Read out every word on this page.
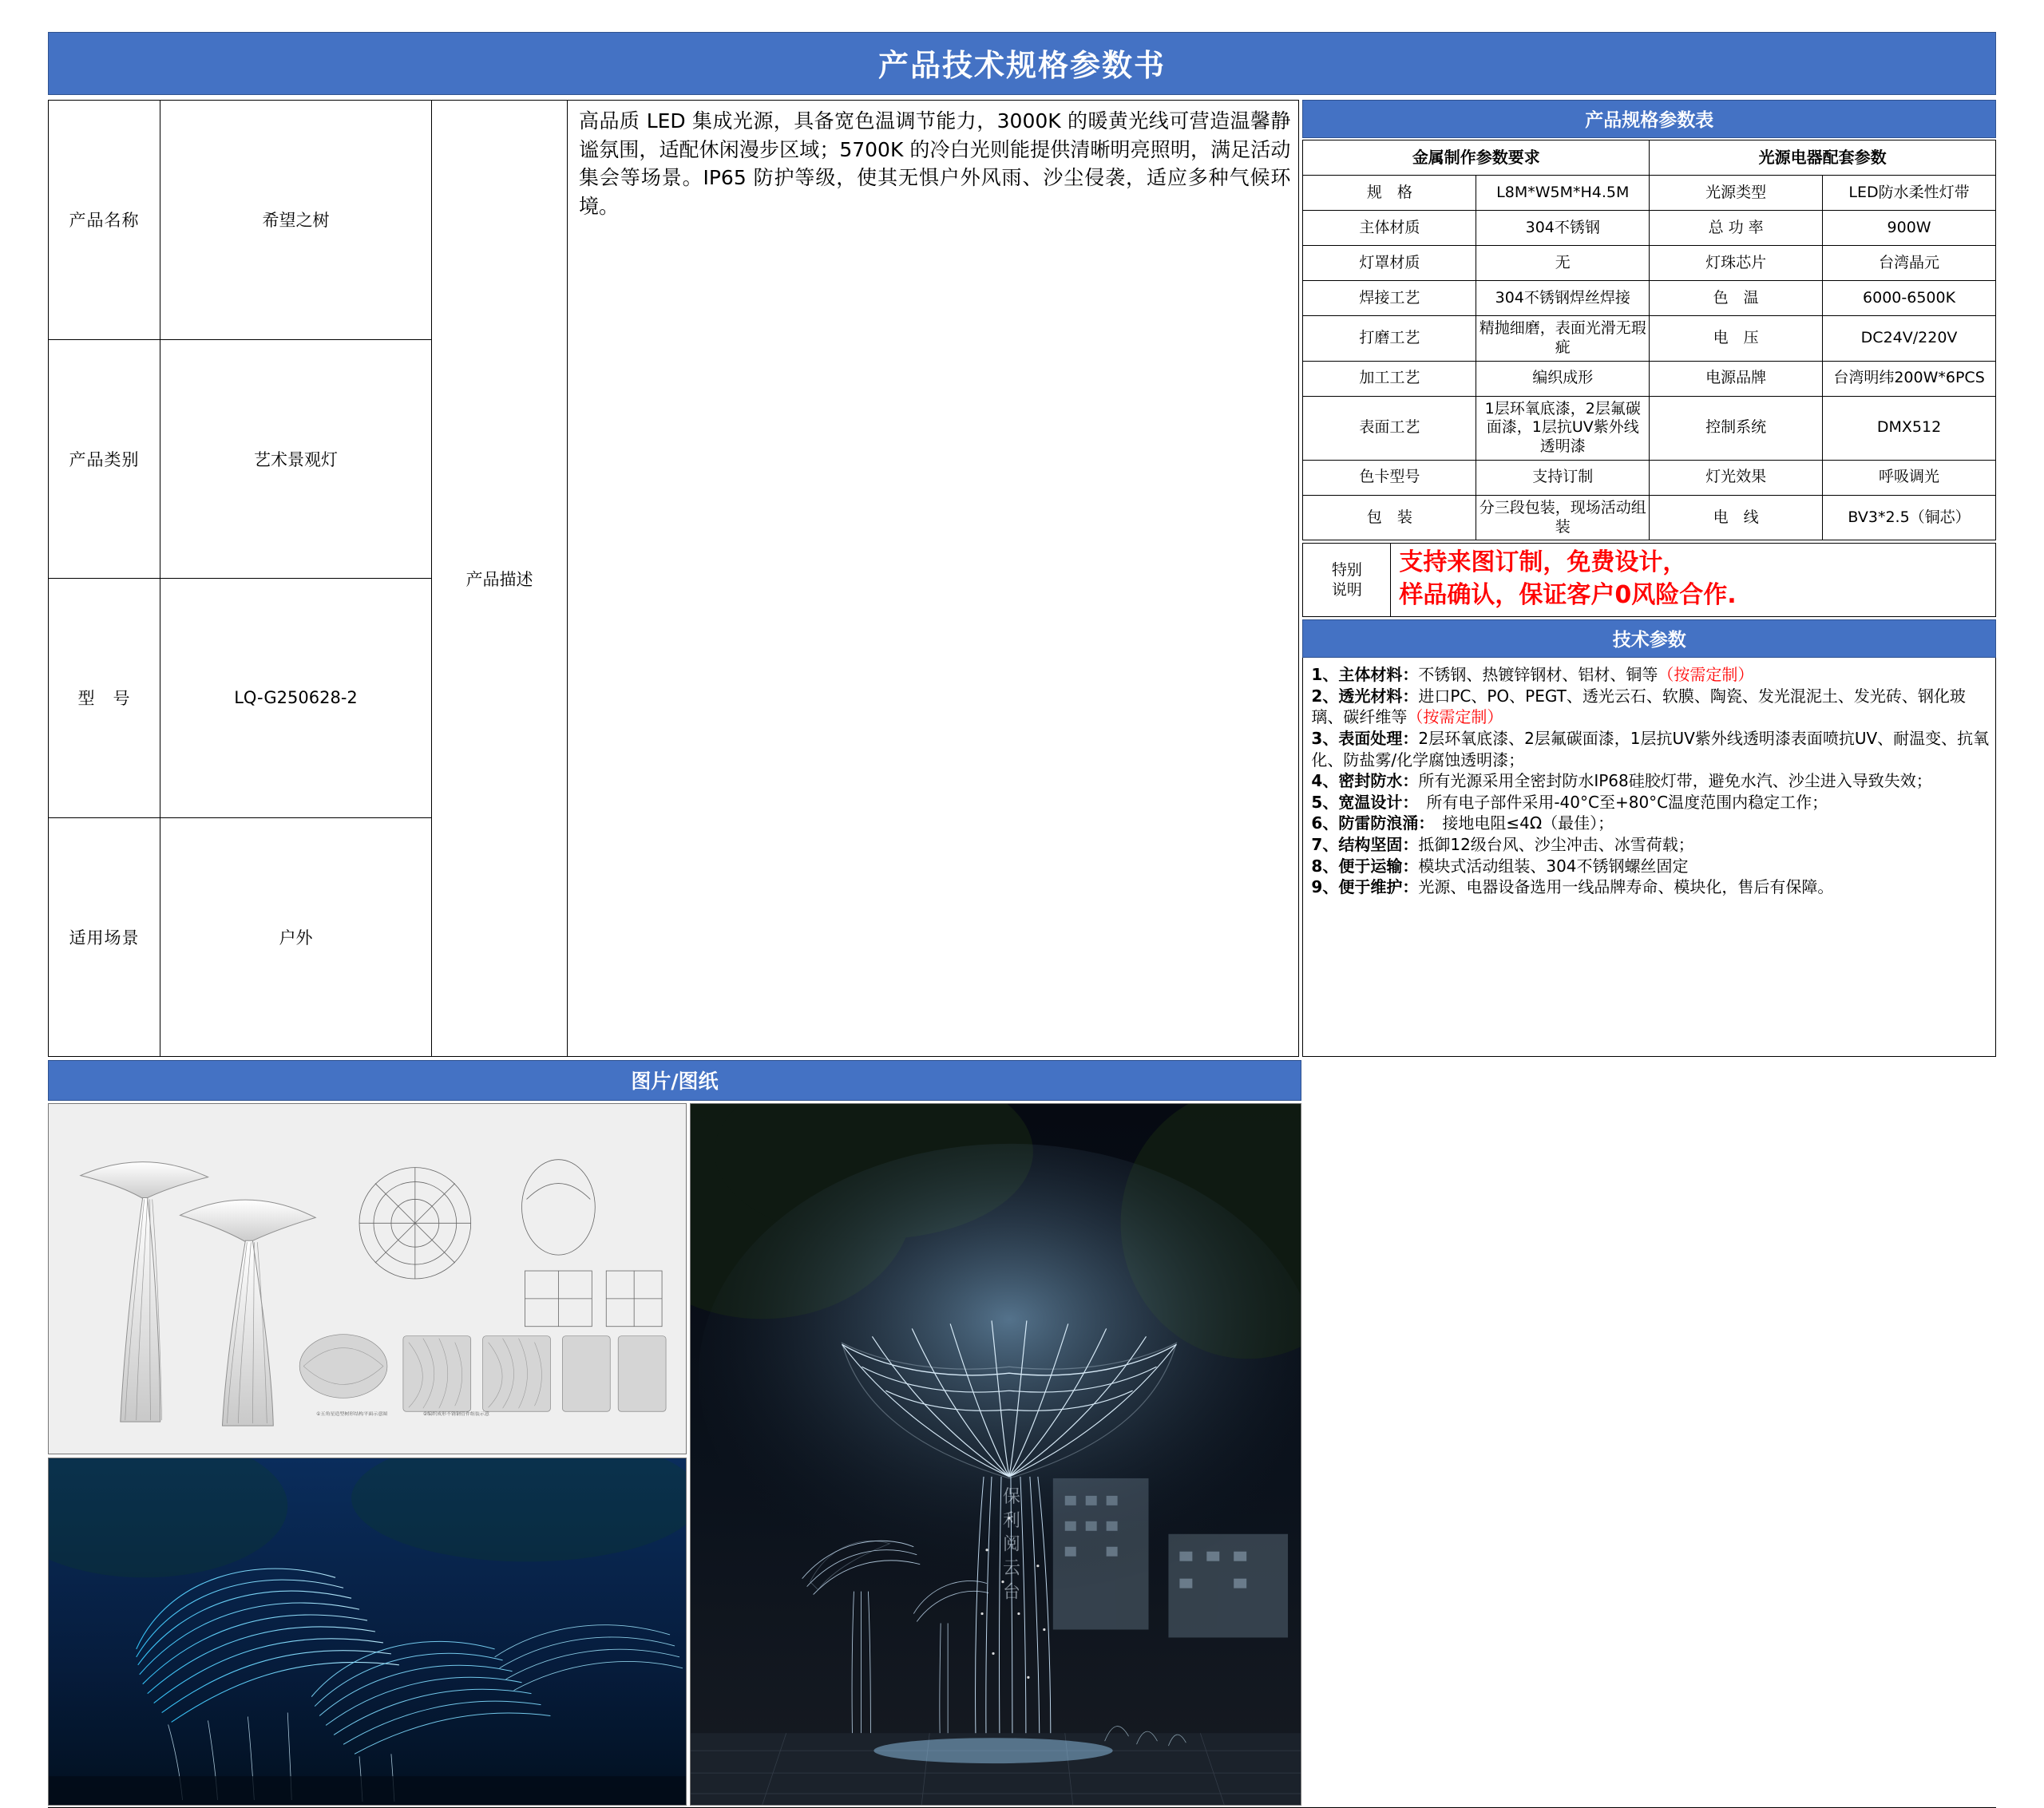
产品技术规格参数书
产品名称	希望之树
产品类别	艺术景观灯
型　号	LQ-G250628-2
适用场景	户外
产品描述
高品质 LED 集成光源，具备宽色温调节能力，3000K 的暖黄光线可营造温馨静谧氛围，适配休闲漫步区域；5700K 的冷白光则能提供清晰明亮照明，满足活动集会等场景。IP65 防护等级，使其无惧户外风雨、沙尘侵袭，适应多种气候环境。
产品规格参数表
金属制作参数要求		光源电器配套参数	
规　格	L8M*W5M*H4.5M	光源类型	LED防水柔性灯带
主体材质	304不锈钢	总 功 率	900W
灯罩材质	无	灯珠芯片	台湾晶元
焊接工艺	304不锈钢焊丝焊接	色　温	6000-6500K
打磨工艺	精抛细磨，表面光滑无瑕疵	电　压	DC24V/220V
加工工艺	编织成形	电源品牌	台湾明纬200W*6PCS
表面工艺	1层环氧底漆，2层氟碳面漆，1层抗UV紫外线透明漆	控制系统	DMX512
色卡型号	支持订制	灯光效果	呼吸调光
包　装	分三段包装，现场活动组装	电　线	BV3*2.5（铜芯）
特别
说明

支持来图订制，免费设计，
样品确认，保证客户0风险合作.
技术参数
1、主体材料：不锈钢、热镀锌钢材、铝材、铜等（按需定制）
2、透光材料：进口PC、PO、PEGT、透光云石、软膜、陶瓷、发光混泥土、发光砖、钢化玻璃、碳纤维等（按需定制）
3、表面处理：2层环氧底漆、2层氟碳面漆，1层抗UV紫外线透明漆表面喷抗UV、耐温变、抗氧化、防盐雾/化学腐蚀透明漆；
4、密封防水：所有光源采用全密封防水IP68硅胶灯带，避免水汽、沙尘进入导致失效；
5、宽温设计：　所有电子部件采用-40°C至+80°C温度范围内稳定工作；
6、防雷防浪涌：　接地电阻≤4Ω（最佳）；
7、结构坚固：抵御12级台风、沙尘冲击、冰雪荷载；
8、便于运输：模块式活动组装、304不锈钢螺丝固定
9、便于维护：光源、电器设备选用一线品牌寿命、模块化，售后有保障。
图片/图纸
①五角星造型树形结构平面示意图	②编织成形不锈钢管件组装示意
保
利
阅
云
台
